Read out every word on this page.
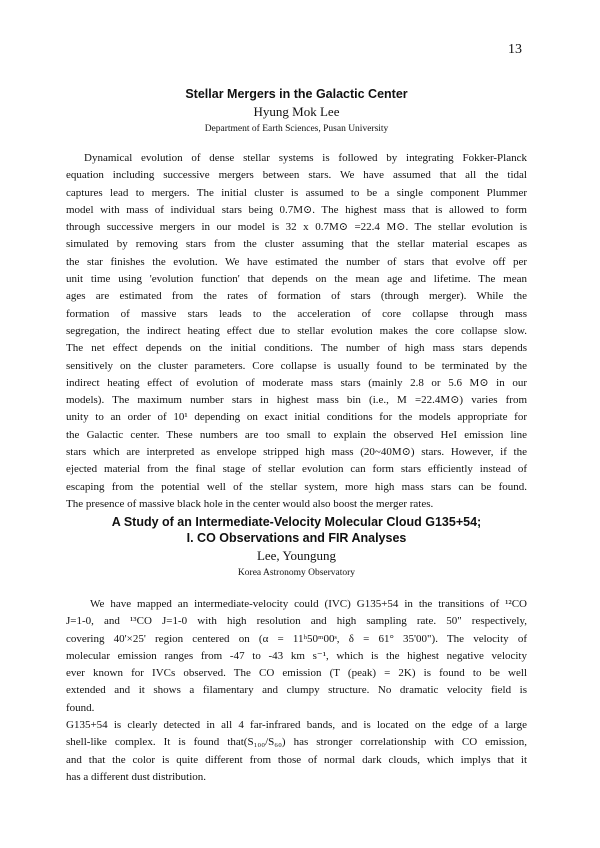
13
Stellar Mergers in the Galactic Center
Hyung Mok Lee
Department of Earth Sciences, Pusan University
Dynamical evolution of dense stellar systems is followed by integrating Fokker-Planck
equation including successive mergers between stars. We have assumed that all the tidal
captures lead to mergers. The initial cluster is assumed to be a single component Plummer
model with mass of individual stars being 0.7M⊙. The highest mass that is allowed to form
through successive mergers in our model is 32 x 0.7M⊙ =22.4 M⊙. The stellar evolution is
simulated by removing stars from the cluster assuming that the stellar material escapes as
the star finishes the evolution. We have estimated the number of stars that evolve off per
unit time using 'evolution function' that depends on the mean age and lifetime. The mean
ages are estimated from the rates of formation of stars (through merger). While the
formation of massive stars leads to the acceleration of core collapse through mass
segregation, the indirect heating effect due to stellar evolution makes the core collapse slow.
The net effect depends on the initial conditions. The number of high mass stars depends
sensitively on the cluster parameters. Core collapse is usually found to be terminated by the
indirect heating effect of evolution of moderate mass stars (mainly 2.8 or 5.6 M⊙ in our
models). The maximum number stars in highest mass bin (i.e., M =22.4M⊙) varies from
unity to an order of 10¹ depending on exact initial conditions for the models appropriate for
the Galactic center. These numbers are too small to explain the observed HeI emission line
stars which are interpreted as envelope stripped high mass (20~40M⊙) stars. However, if the
ejected material from the final stage of stellar evolution can form stars efficiently instead of
escaping from the potential well of the stellar system, more high mass stars can be found.
The presence of massive black hole in the center would also boost the merger rates.
A Study of an Intermediate-Velocity Molecular Cloud G135+54;
I. CO Observations and FIR Analyses
Lee, Youngung
Korea Astronomy Observatory
We have mapped an intermediate-velocity could (IVC) G135+54 in the transitions of ¹²CO
J=1-0, and ¹³CO J=1-0 with high resolution and high sampling rate. 50" respectively,
covering 40'×25' region centered on (α = 11ʰ50ᵐ00ˢ, δ = 61° 35'00"). The velocity of
molecular emission ranges from -47 to -43 km s⁻¹, which is the highest negative velocity
ever known for IVCs observed. The CO emission (T (peak) = 2K) is found to be well
extended and it shows a filamentary and clumpy structure. No dramatic velocity field is
found.
G135+54 is clearly detected in all 4 far-infrared bands, and is located on the edge of a large
shell-like complex. It is found that(S₁₀₀/S₆₀) has stronger correlationship with CO emission,
and that the color is quite different from those of normal dark clouds, which implys that it
has a different dust distribution.
